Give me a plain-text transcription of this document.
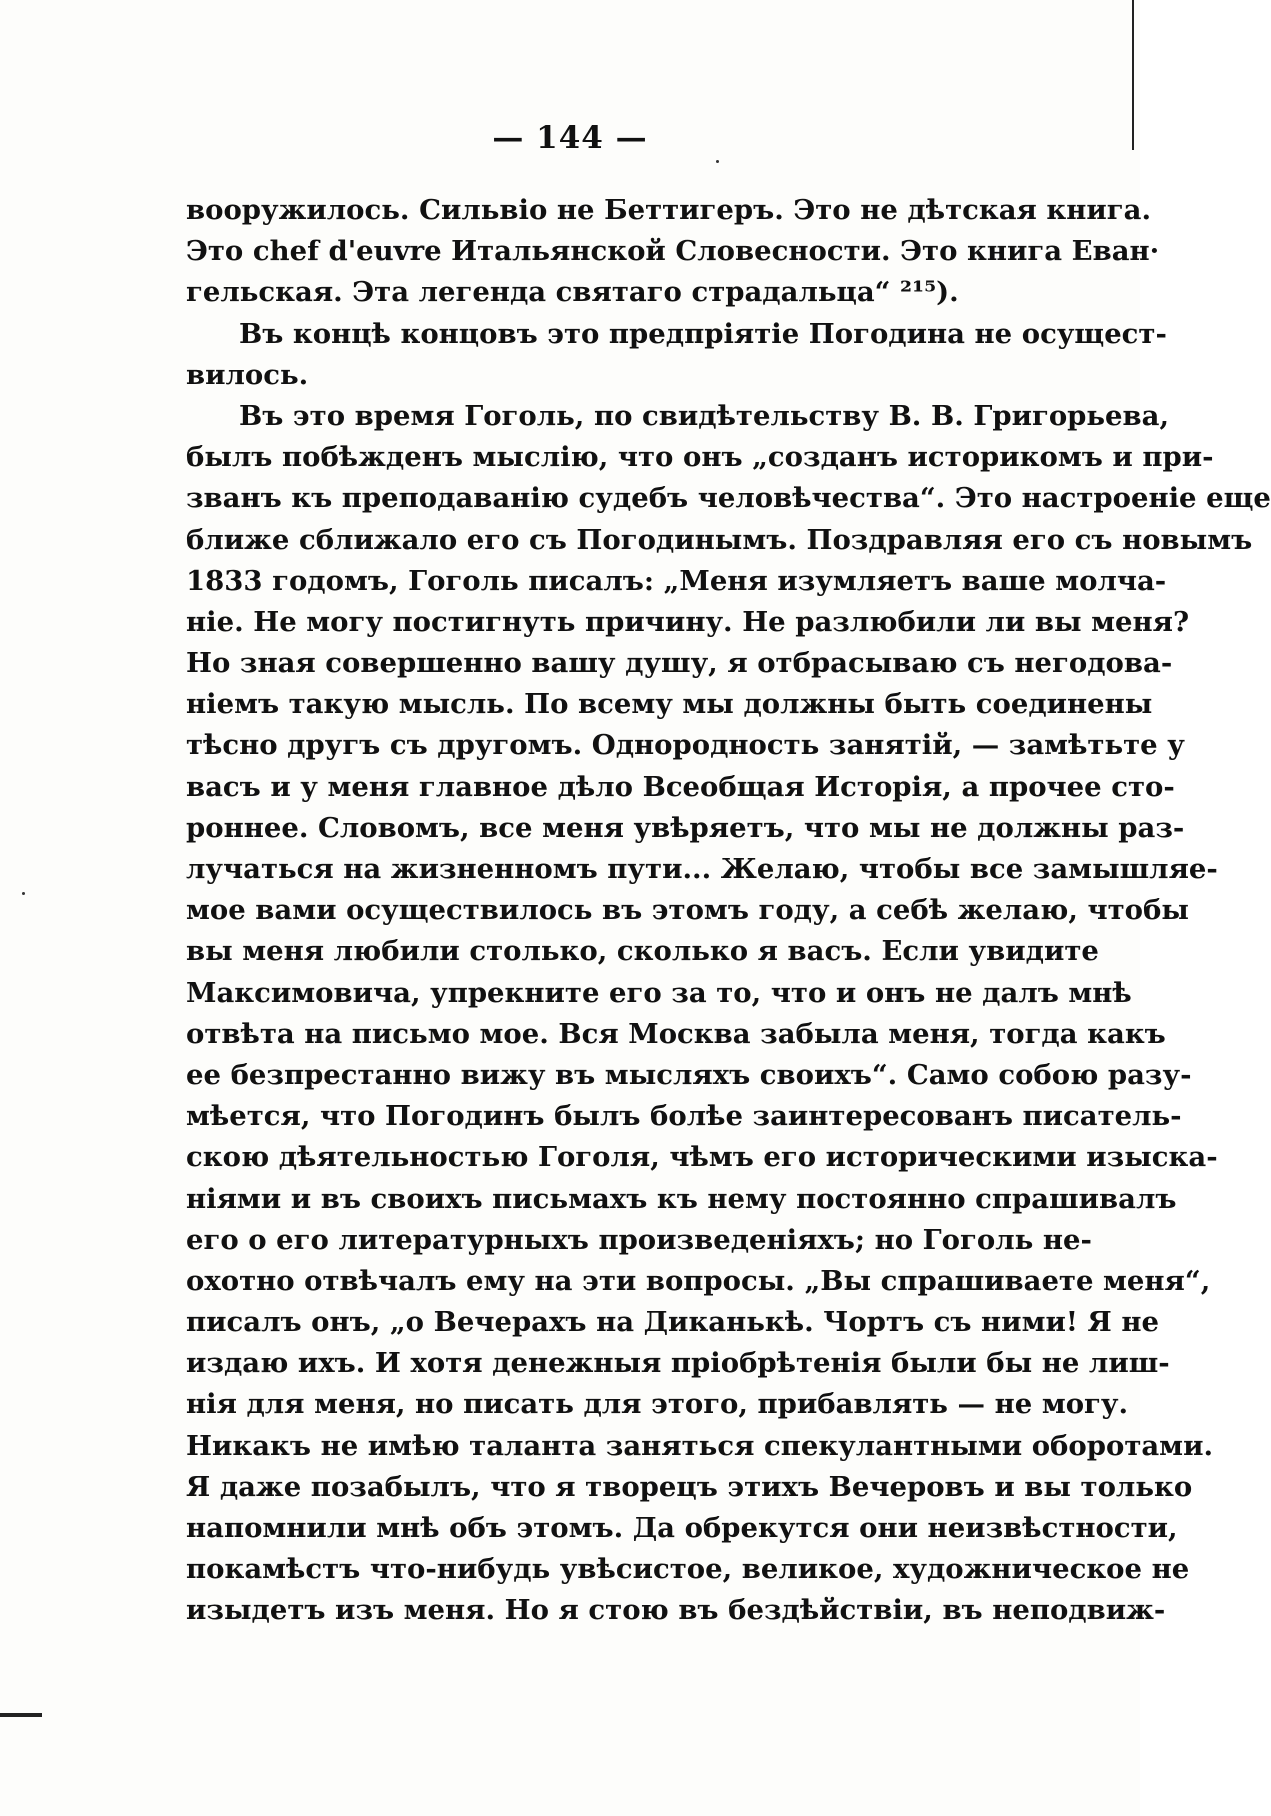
— 144 —
вооружилось. Сильвіо не Беттигеръ. Это не дѣтская книга.
Это chef d'euvre Итальянской Словесности. Это книга Еван·
гельская. Эта легенда святаго страдальца“ ²¹⁵).
Въ концѣ концовъ это предпріятіе Погодина не осущест-
вилось.
Въ это время Гоголь, по свидѣтельству В. В. Григорьева,
былъ побѣжденъ мыслію, что онъ „созданъ историкомъ и при-
званъ къ преподаванію судебъ человѣчества“. Это настроеніе еще
ближе сближало его съ Погодинымъ. Поздравляя его съ новымъ
1833 годомъ, Гоголь писалъ: „Меня изумляетъ ваше молча-
ніе. Не могу постигнуть причину. Не разлюбили ли вы меня?
Но зная совершенно вашу душу, я отбрасываю съ негодова-
ніемъ такую мысль. По всему мы должны быть соединены
тѣсно другъ съ другомъ. Однородность занятій, — замѣтьте у
васъ и у меня главное дѣло Всеобщая Исторія, а прочее сто-
роннее. Словомъ, все меня увѣряетъ, что мы не должны раз-
лучаться на жизненномъ пути... Желаю, чтобы все замышляе-
мое вами осуществилось въ этомъ году, а себѣ желаю, чтобы
вы меня любили столько, сколько я васъ. Если увидите
Максимовича, упрекните его за то, что и онъ не далъ мнѣ
отвѣта на письмо мое. Вся Москва забыла меня, тогда какъ
ее безпрестанно вижу въ мысляхъ своихъ“. Само собою разу-
мѣется, что Погодинъ былъ болѣе заинтересованъ писатель-
скою дѣятельностью Гоголя, чѣмъ его историческими изыска-
ніями и въ своихъ письмахъ къ нему постоянно спрашивалъ
его о его литературныхъ произведеніяхъ; но Гоголь не-
охотно отвѣчалъ ему на эти вопросы. „Вы спрашиваете меня“,
писалъ онъ, „о Вечерахъ на Диканькѣ. Чортъ съ ними! Я не
издаю ихъ. И хотя денежныя пріобрѣтенія были бы не лиш-
нія для меня, но писать для этого, прибавлять — не могу.
Никакъ не имѣю таланта заняться спекулантными оборотами.
Я даже позабылъ, что я творецъ этихъ Вечеровъ и вы только
напомнили мнѣ объ этомъ. Да обрекутся они неизвѣстности,
покамѣстъ что-нибудь увѣсистое, великое, художническое не
изыдетъ изъ меня. Но я стою въ бездѣйствіи, въ неподвиж-
